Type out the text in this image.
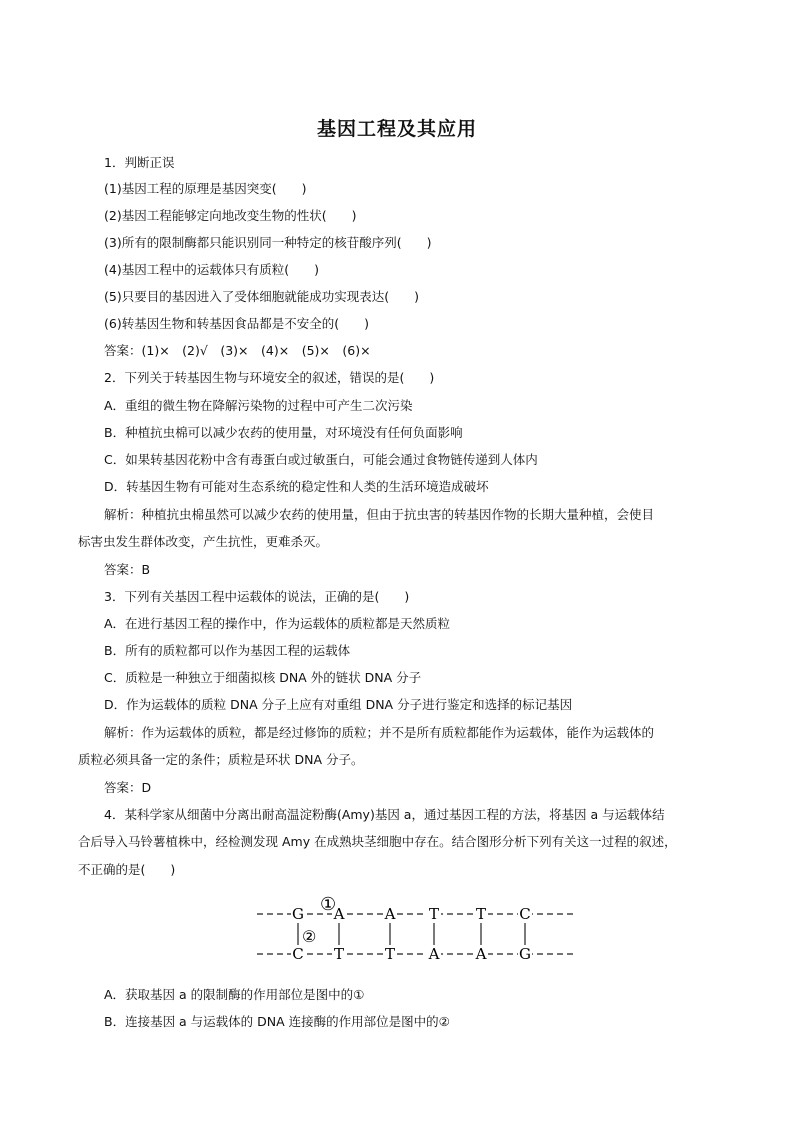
基因工程及其应用
1．判断正误
(1)基因工程的原理是基因突变(　　)
(2)基因工程能够定向地改变生物的性状(　　)
(3)所有的限制酶都只能识别同一种特定的核苷酸序列(　　)
(4)基因工程中的运载体只有质粒(　　)
(5)只要目的基因进入了受体细胞就能成功实现表达(　　)
(6)转基因生物和转基因食品都是不安全的(　　)
答案：(1)×　(2)√　(3)×　(4)×　(5)×　(6)×
2．下列关于转基因生物与环境安全的叙述，错误的是(　　)
A．重组的微生物在降解污染物的过程中可产生二次污染
B．种植抗虫棉可以减少农药的使用量，对环境没有任何负面影响
C．如果转基因花粉中含有毒蛋白或过敏蛋白，可能会通过食物链传递到人体内
D．转基因生物有可能对生态系统的稳定性和人类的生活环境造成破坏
解析：种植抗虫棉虽然可以减少农药的使用量，但由于抗虫害的转基因作物的长期大量种植，会使目
标害虫发生群体改变，产生抗性，更难杀灭。
答案：B
3．下列有关基因工程中运载体的说法，正确的是(　　)
A．在进行基因工程的操作中，作为运载体的质粒都是天然质粒
B．所有的质粒都可以作为基因工程的运载体
C．质粒是一种独立于细菌拟核 DNA 外的链状 DNA 分子
D．作为运载体的质粒 DNA 分子上应有对重组 DNA 分子进行鉴定和选择的标记基因
解析：作为运载体的质粒，都是经过修饰的质粒；并不是所有质粒都能作为运载体，能作为运载体的
质粒必须具备一定的条件；质粒是环状 DNA 分子。
答案：D
4．某科学家从细菌中分离出耐高温淀粉酶(Amy)基因 a，通过基因工程的方法，将基因 a 与运载体结
合后导入马铃薯植株中，经检测发现 Amy 在成熟块茎细胞中存在。结合图形分析下列有关这一过程的叙述，
不正确的是(　　)
G A	A T T C
C T	T A A G
①
②
A．获取基因 a 的限制酶的作用部位是图中的①
B．连接基因 a 与运载体的 DNA 连接酶的作用部位是图中的②
